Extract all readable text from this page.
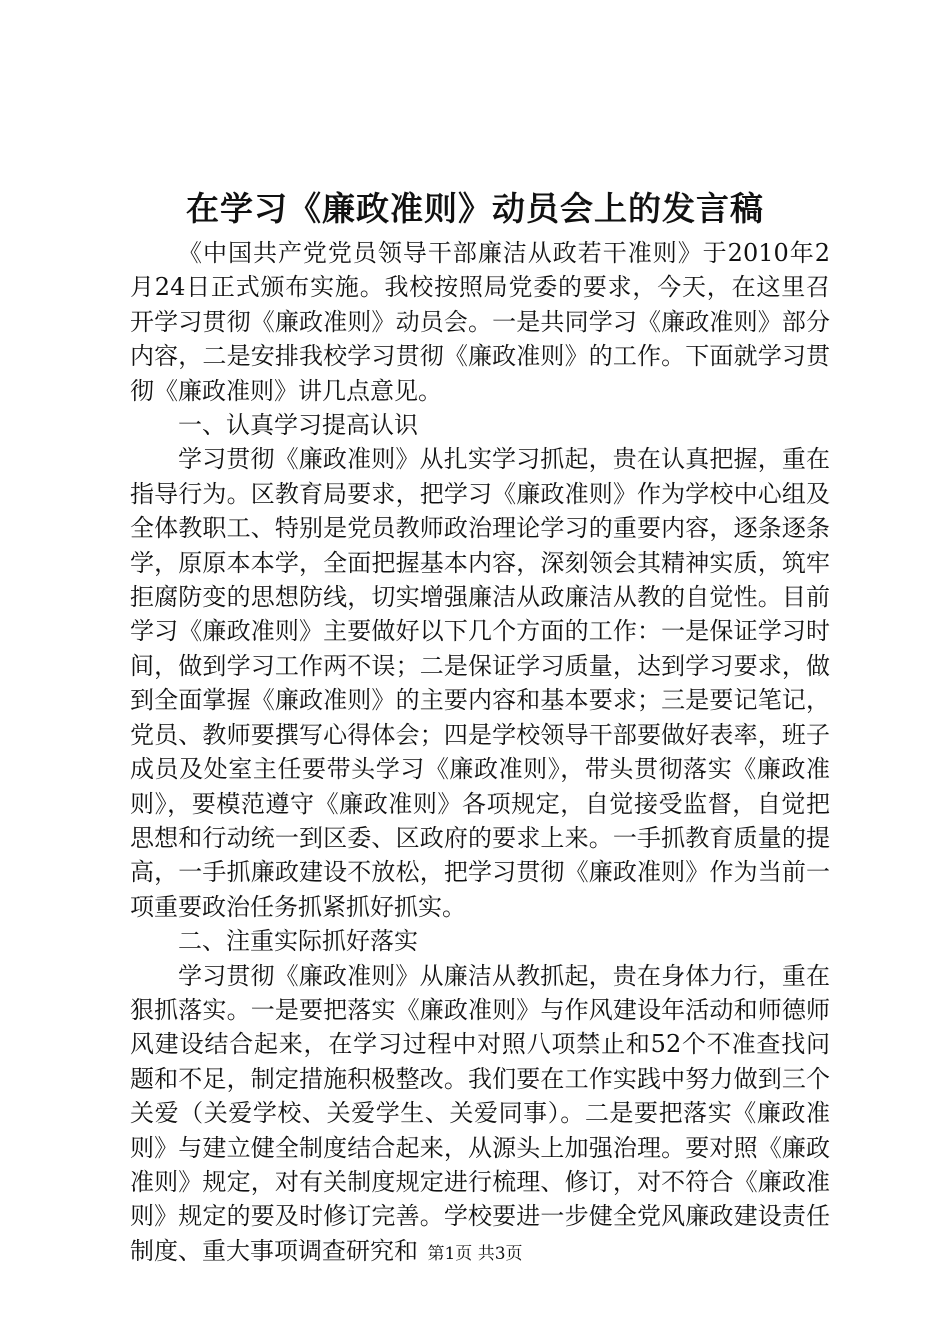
在学习《廉政准则》动员会上的发言稿

《中国共产党党员领导干部廉洁从政若干准则》于2010年2月24日正式颁布实施。我校按照局党委的要求，今天，在这里召开学习贯彻《廉政准则》动员会。一是共同学习《廉政准则》部分内容，二是安排我校学习贯彻《廉政准则》的工作。下面就学习贯彻《廉政准则》讲几点意见。

一、认真学习提高认识

学习贯彻《廉政准则》从扎实学习抓起，贵在认真把握，重在指导行为。区教育局要求，把学习《廉政准则》作为学校中心组及全体教职工、特别是党员教师政治理论学习的重要内容，逐条逐条学，原原本本学，全面把握基本内容，深刻领会其精神实质，筑牢拒腐防变的思想防线，切实增强廉洁从政廉洁从教的自觉性。目前学习《廉政准则》主要做好以下几个方面的工作：一是保证学习时间，做到学习工作两不误；二是保证学习质量，达到学习要求，做到全面掌握《廉政准则》的主要内容和基本要求；三是要记笔记，党员、教师要撰写心得体会；四是学校领导干部要做好表率，班子成员及处室主任要带头学习《廉政准则》，带头贯彻落实《廉政准则》，要模范遵守《廉政准则》各项规定，自觉接受监督，自觉把思想和行动统一到区委、区政府的要求上来。一手抓教育质量的提高，一手抓廉政建设不放松，把学习贯彻《廉政准则》作为当前一项重要政治任务抓紧抓好抓实。

二、注重实际抓好落实

学习贯彻《廉政准则》从廉洁从教抓起，贵在身体力行，重在狠抓落实。一是要把落实《廉政准则》与作风建设年活动和师德师风建设结合起来，在学习过程中对照八项禁止和52个不准查找问题和不足，制定措施积极整改。我们要在工作实践中努力做到三个关爱（关爱学校、关爱学生、关爱同事）。二是要把落实《廉政准则》与建立健全制度结合起来，从源头上加强治理。要对照《廉政准则》规定，对有关制度规定进行梳理、修订，对不符合《廉政准则》规定的要及时修订完善。学校要进一步健全党风廉政建设责任制度、重大事项调查研究和 第1页 共3页
